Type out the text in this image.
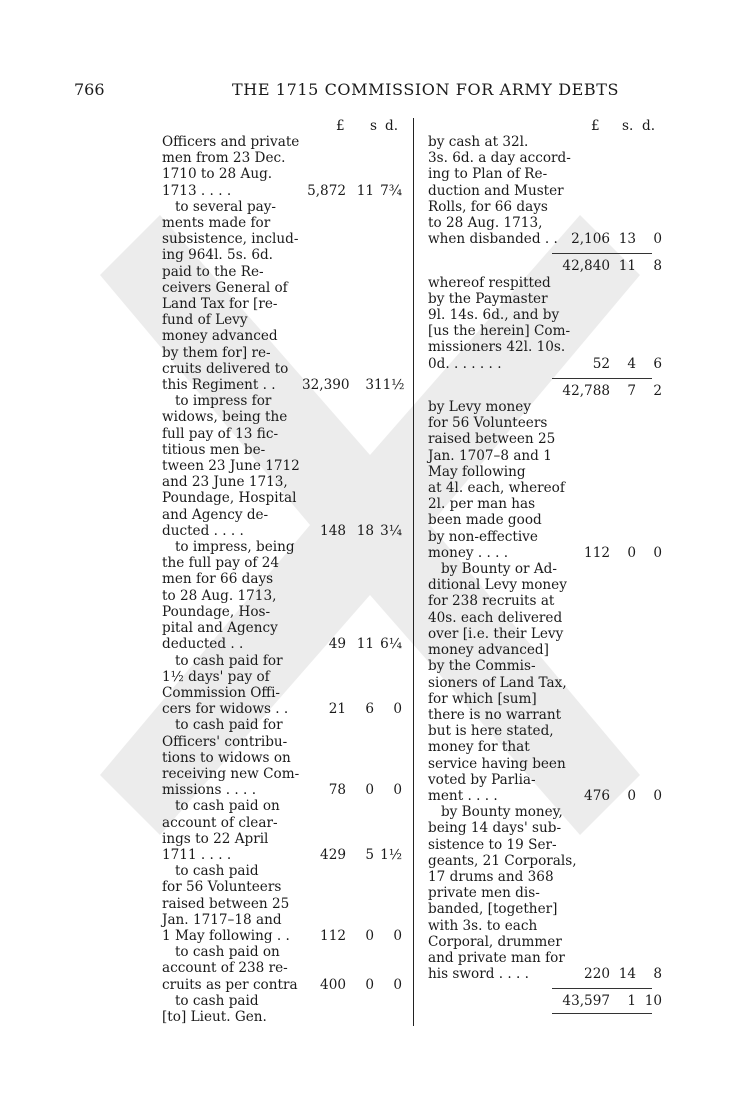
766	THE 1715 COMMISSION FOR ARMY DEBTS
£ s d.	£ s. d.
Officers and private
men from 23 Dec.
1710 to 28 Aug.
1713 . . . .	5,872 11 7¾
to several pay-
ments made for
subsistence, includ-
ing 964l. 5s. 6d.
paid to the Re-
ceivers General of
Land Tax for [re-
fund of Levy
money advanced
by them for] re-
cruits delivered to
this Regiment . .	32,390	3 11½
to impress for
widows, being the
full pay of 13 fic-
titious men be-
tween 23 June 1712
and 23 June 1713,
Poundage, Hospital
and Agency de-
ducted . . . .	148 18 3¼
to impress, being
the full pay of 24
men for 66 days
to 28 Aug. 1713,
Poundage, Hos-
pital and Agency
deducted . .	49 11 6¼
to cash paid for
1½ days' pay of
Commission Offi-
cers for widows . .	21	6	0
to cash paid for
Officers' contribu-
tions to widows on
receiving new Com-
missions . . . .	78	0	0
to cash paid on
account of clear-
ings to 22 April
1711 . . . .	429	5 1½
to cash paid
for 56 Volunteers
raised between 25
Jan. 1717–18 and
1 May following . .	112	0	0
to cash paid on
account of 238 re-
cruits as per contra	400	0	0
to cash paid
[to] Lieut. Gen.
by cash at 32l.
3s. 6d. a day accord-
ing to Plan of Re-
duction and Muster
Rolls, for 66 days
to 28 Aug. 1713,
when disbanded . . 2,106 13	0

42,840 11	8
whereof respitted
by the Paymaster
9l. 14s. 6d., and by
[us the herein] Com-
missioners 42l. 10s.
0d. . . . . . .	52	4	6

42,788	7	2
by Levy money
for 56 Volunteers
raised between 25
Jan. 1707–8 and 1
May following
at 4l. each, whereof
2l. per man has
been made good
by non-effective
money . . . .	112	0	0
by Bounty or Ad-
ditional Levy money
for 238 recruits at
40s. each delivered
over [i.e. their Levy
money advanced]
by the Commis-
sioners of Land Tax,
for which [sum]
there is no warrant
but is here stated,
money for that
service having been
voted by Parlia-
ment . . . .	476	0	0
by Bounty money,
being 14 days' sub-
sistence to 19 Ser-
geants, 21 Corporals,
17 drums and 368
private men dis-
banded, [together]
with 3s. to each
Corporal, drummer
and private man for
his sword . . . .	220 14	8

43,597	1 10
